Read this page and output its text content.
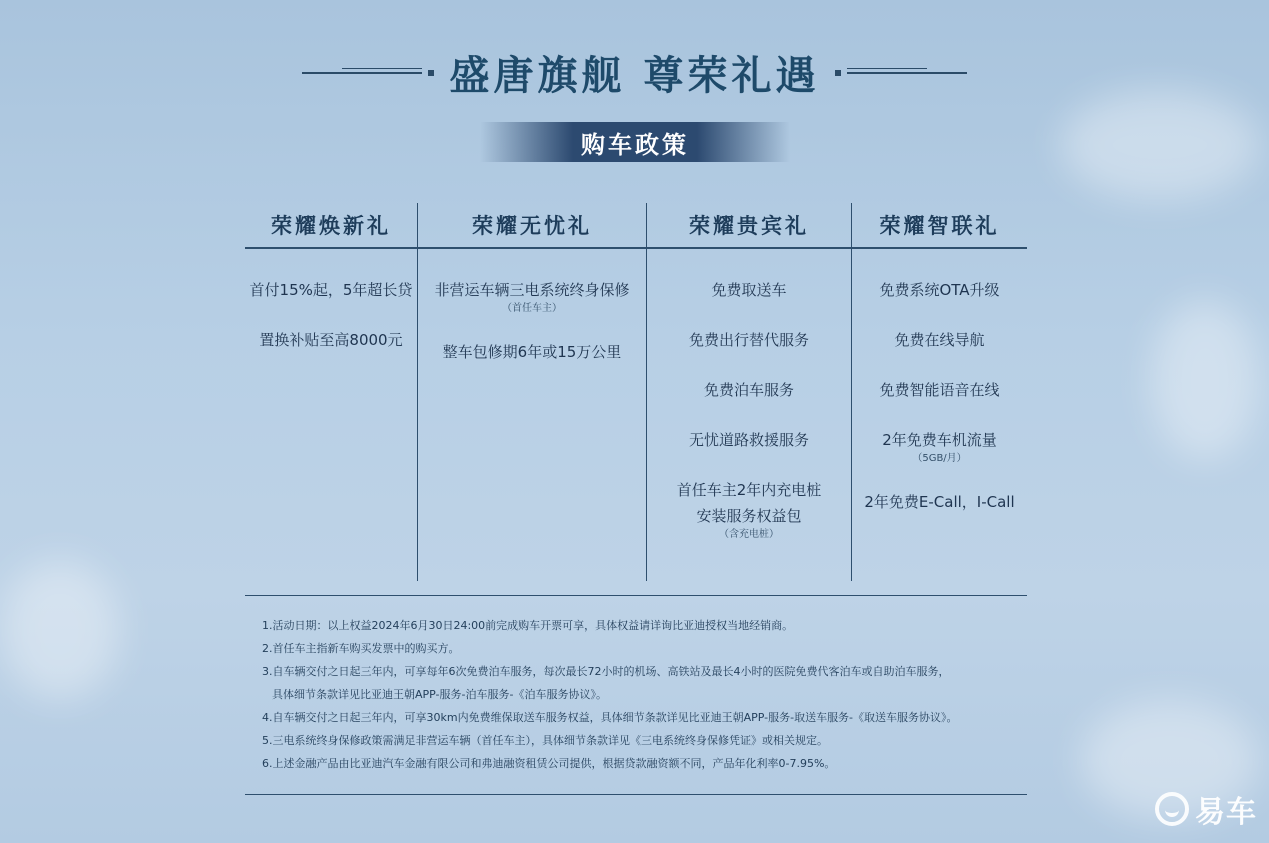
盛唐旗舰 尊荣礼遇
购车政策
荣耀焕新礼
首付15%起，5年超长贷
置换补贴至高8000元
荣耀无忧礼
非营运车辆三电系统终身保修
（首任车主）
整车包修期6年或15万公里
荣耀贵宾礼
免费取送车
免费出行替代服务
免费泊车服务
无忧道路救援服务
首任车主2年内充电桩
安装服务权益包
（含充电桩）
荣耀智联礼
免费系统OTA升级
免费在线导航
免费智能语音在线
2年免费车机流量
（5GB/月）
2年免费E-Call，I-Call
1.活动日期：以上权益2024年6月30日24:00前完成购车开票可享，具体权益请详询比亚迪授权当地经销商。
2.首任车主指新车购买发票中的购买方。
3.自车辆交付之日起三年内，可享每年6次免费泊车服务，每次最长72小时的机场、高铁站及最长4小时的医院免费代客泊车或自助泊车服务，
具体细节条款详见比亚迪王朝APP-服务-泊车服务-《泊车服务协议》。
4.自车辆交付之日起三年内，可享30km内免费维保取送车服务权益，具体细节条款详见比亚迪王朝APP-服务-取送车服务-《取送车服务协议》。
5.三电系统终身保修政策需满足非营运车辆（首任车主），具体细节条款详见《三电系统终身保修凭证》或相关规定。
6.上述金融产品由比亚迪汽车金融有限公司和弗迪融资租赁公司提供，根据贷款融资额不同，产品年化利率0-7.95%。
易车
